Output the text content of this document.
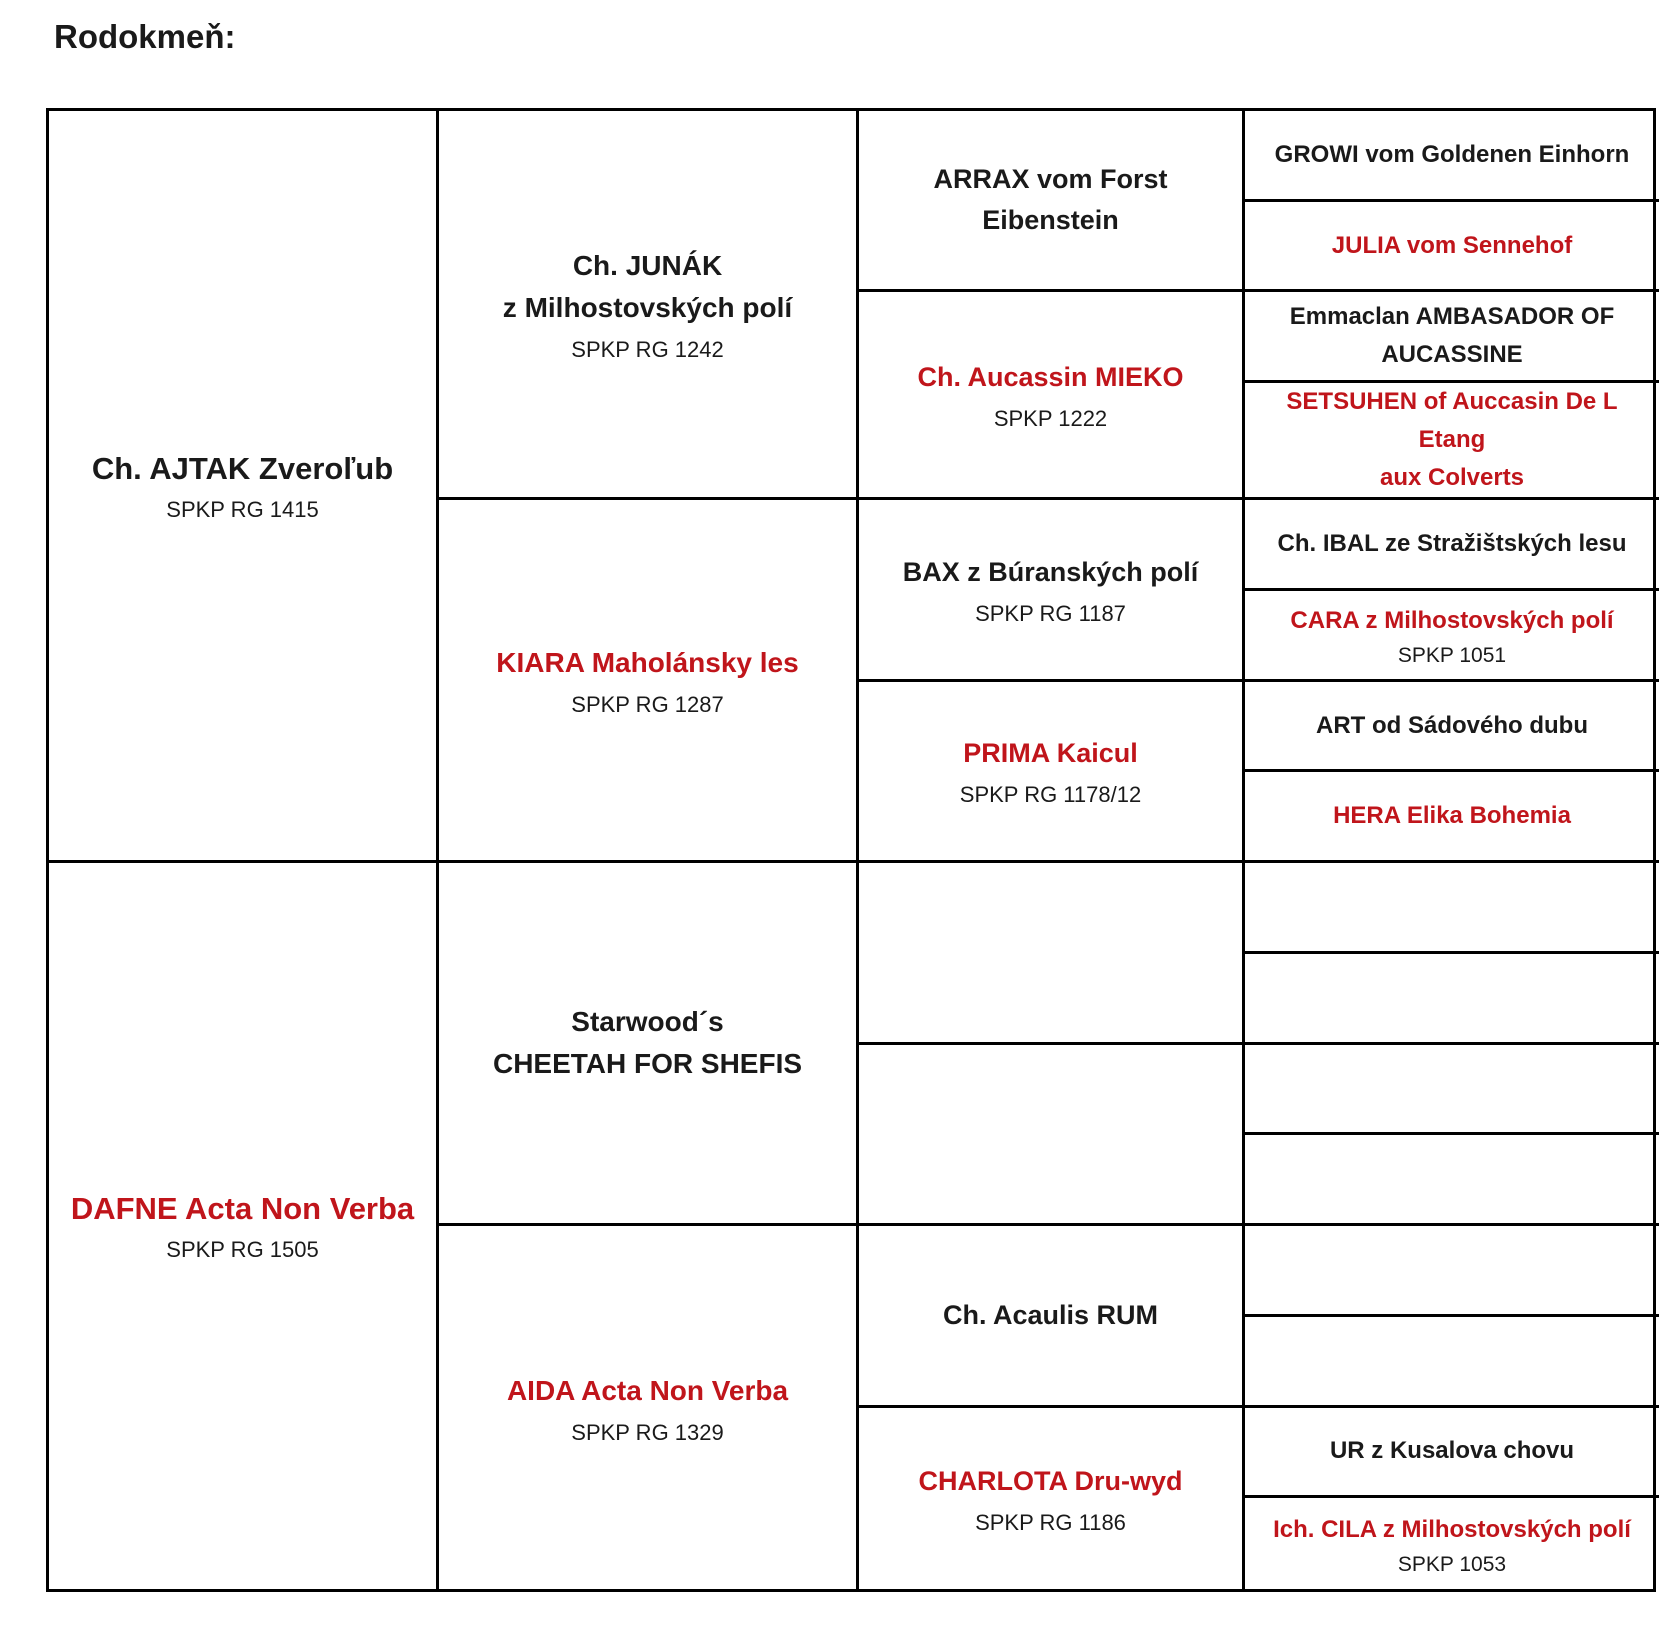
Rodokmeň:
Ch. AJTAK Zveroľub
SPKP RG 1415
DAFNE Acta Non Verba
SPKP RG 1505
Ch. JUNÁK
z Milhostovských polí
SPKP RG 1242
KIARA Maholánsky les
SPKP RG 1287
Starwood´s
CHEETAH FOR SHEFIS
AIDA Acta Non Verba
SPKP RG 1329
ARRAX vom Forst
Eibenstein
Ch. Aucassin MIEKO
SPKP 1222
BAX z Búranských polí
SPKP RG 1187
PRIMA Kaicul
SPKP RG 1178/12
Ch. Acaulis RUM
CHARLOTA Dru-wyd
SPKP RG 1186
GROWI vom Goldenen Einhorn
JULIA vom Sennehof
Emmaclan AMBASADOR OF
AUCASSINE
SETSUHEN of Auccasin De L Etang
aux Colverts
Ch. IBAL ze Stražištských lesu
CARA z Milhostovských polí
SPKP 1051
ART od Sádového dubu
HERA Elika Bohemia
UR z Kusalova chovu
Ich. CILA z Milhostovských polí
SPKP 1053
